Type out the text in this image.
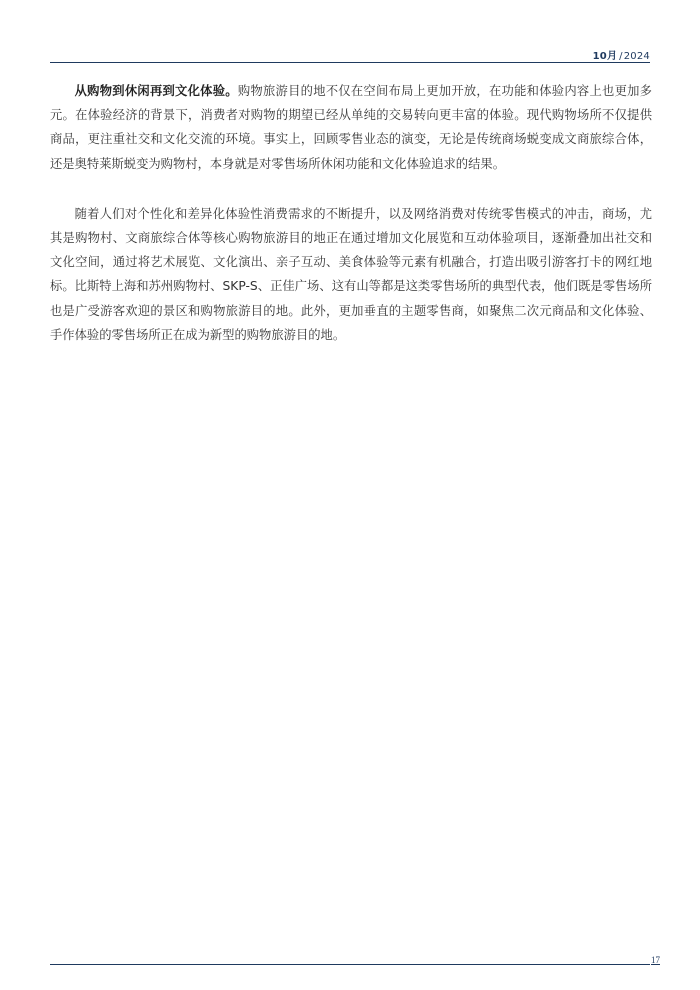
10月 /2024

从购物到休闲再到文化体验。购物旅游目的地不仅在空间布局上更加开放，在功能和体验内容上也更加多元。在体验经济的背景下，消费者对购物的期望已经从单纯的交易转向更丰富的体验。现代购物场所不仅提供商品，更注重社交和文化交流的环境。事实上，回顾零售业态的演变，无论是传统商场蜕变成文商旅综合体，还是奥特莱斯蜕变为购物村，本身就是对零售场所休闲功能和文化体验追求的结果。

随着人们对个性化和差异化体验性消费需求的不断提升，以及网络消费对传统零售模式的冲击，商场，尤其是购物村、文商旅综合体等核心购物旅游目的地正在通过增加文化展览和互动体验项目，逐渐叠加出社交和文化空间，通过将艺术展览、文化演出、亲子互动、美食体验等元素有机融合，打造出吸引游客打卡的网红地标。比斯特上海和苏州购物村、SKP-S、正佳广场、这有山等都是这类零售场所的典型代表，他们既是零售场所也是广受游客欢迎的景区和购物旅游目的地。此外，更加垂直的主题零售商，如聚焦二次元商品和文化体验、手作体验的零售场所正在成为新型的购物旅游目的地。

17
